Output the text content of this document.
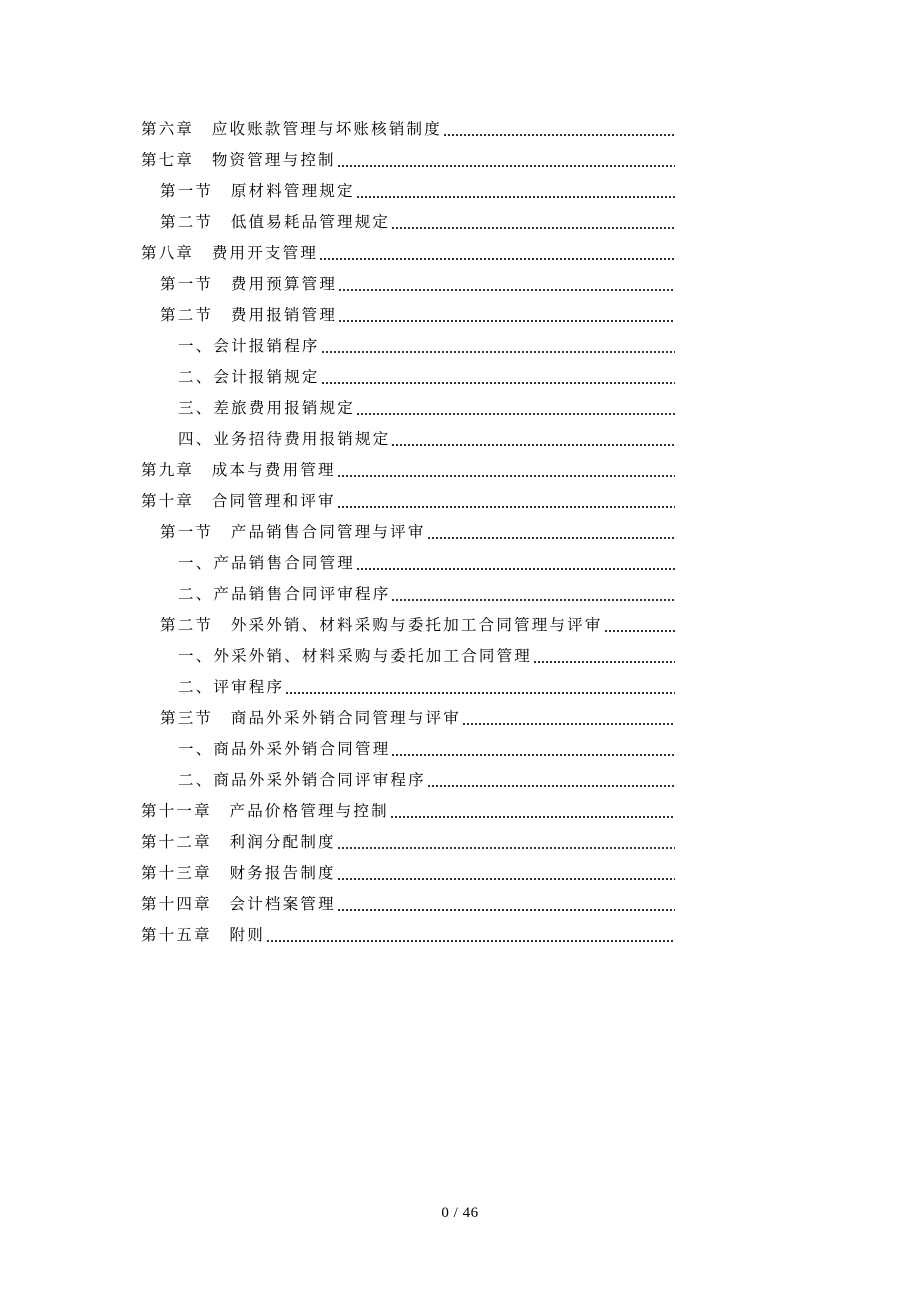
第六章　 应收账款管理与坏账核销制度
第七章　 物资管理与控制
第一节　 原材料管理规定
第二节　 低值易耗品管理规定
第八章　 费用开支管理
第一节　 费用预算管理
第二节　 费用报销管理
一、会计报销程序
二、会计报销规定
三、差旅费用报销规定
四、业务招待费用报销规定
第九章　 成本与费用管理
第十章　 合同管理和评审
第一节　 产品销售合同管理与评审
一、产品销售合同管理
二、产品销售合同评审程序
第二节　 外采外销、材料采购与委托加工合同管理与评审
一、外采外销、材料采购与委托加工合同管理
二、评审程序
第三节　 商品外采外销合同管理与评审
一、商品外采外销合同管理
二、商品外采外销合同评审程序
第十一章　 产品价格管理与控制
第十二章　 利润分配制度
第十三章　 财务报告制度
第十四章　 会计档案管理
第十五章　 附则
0 / 46
